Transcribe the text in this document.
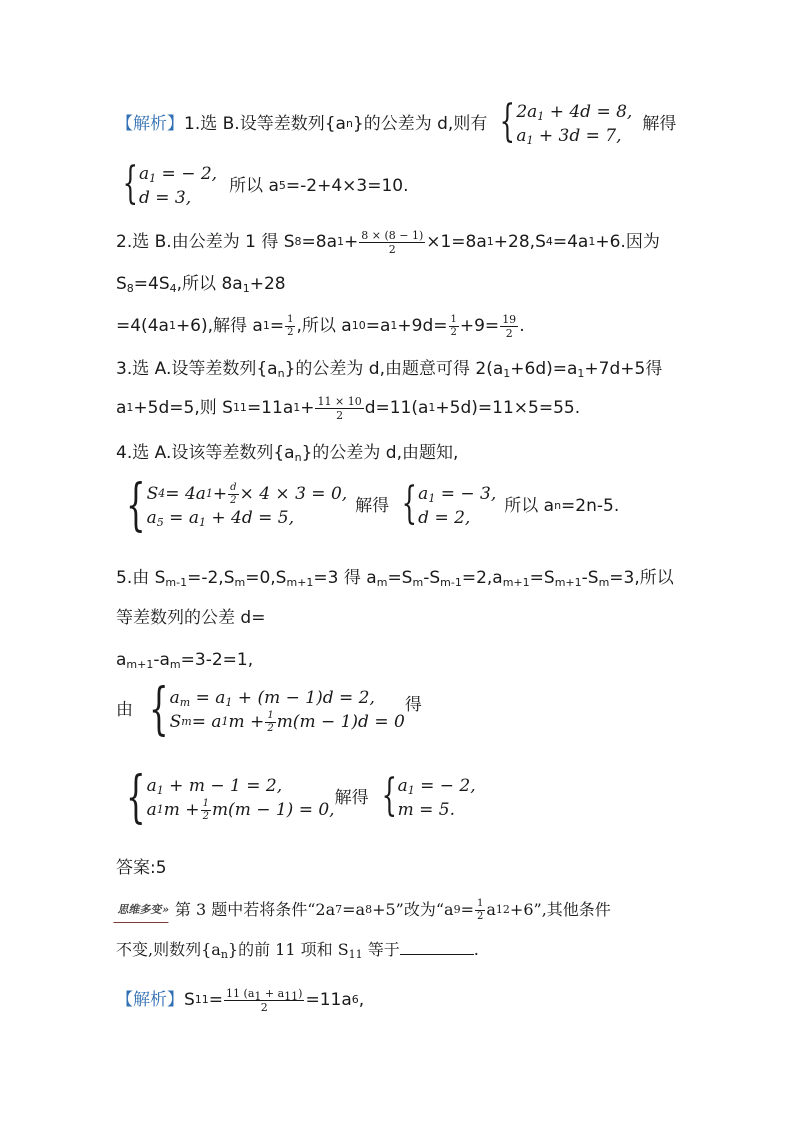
【解析】 1.选 B.设等差数列{a n }的公差为 d,则有 { $2a_1 + 4d = 8$,
$a_1 + 3d = 7$,
解得
{ $a_1$ = − 2,
d = 3,
所以 a 5 =-2+4×3=10.
2.选 B.由公差为 1 得 S 8 =8a $1 + \frac{8 \times (8 - 1)}{2} \times 1=8a$ 1 +28,S 4 =4a 1 +6.因为
$S_8=4S_4$,所以 $8a_1+28$
=4(4a 1 +6),解得 a $1 = \frac{1}{2}$ ,所以 a 10 =a $1 +9d= \frac{1}{2} +9= \frac{19}{2}$ .
3.选 A.设等差数列$\{a_n\}$的公差为 d,由题意可得 $2(a_1+6d)=a_1+7d+5$得
a 1 +5d=5,则 S 11 =11a $1 + \frac{11 \times 10}{2} d=11(a$ 1 +5d)=11×5=55.
4.选 A.设该等差数列$\{a_n\}$的公差为 d,由题知,
{ S 4 = 4a $1 + \frac{d}{2} \times 4 \times 3 = 0$,
$a_5 = a_1 + 4d = 5$,
解得 { $a_1$ = − 3,
d = 2,
所以 a n =2n-5.
5.由 $S_{m-1}=-2,S_m=0,S_{m+1}=3$ 得 $a_m=S_m-S_{m-1}=2,a_{m+1}=S_{m+1}-S_m=3$,所以
等差数列的公差 d=
$a_{m+1}-a_m=3-2=1$,
由 { $a_m = a_1 + (m - 1)d = 2$,
S m = a 1 $m + \frac{1}{2} m(m - 1)d = 0$
得
{ $a_1 + m - 1 = 2$,
a 1 $m + \frac{1}{2} m(m - 1) = 0$,
解得 { $a_1$ = − 2,
m = 5.
答案:5
思维多变» 第 3 题中若将条件“2a 7 =a 8 +5”改为“a $9 = \frac{1}{2}$ a 12 +6”,其他条件
不变,则数列$\{a_n\}$的前 11 项和 $S_{11}$ 等于	.
【解析】 S $11 = \frac{11 (a_1 + a_{11})}{2} =11a$ 6 ,
